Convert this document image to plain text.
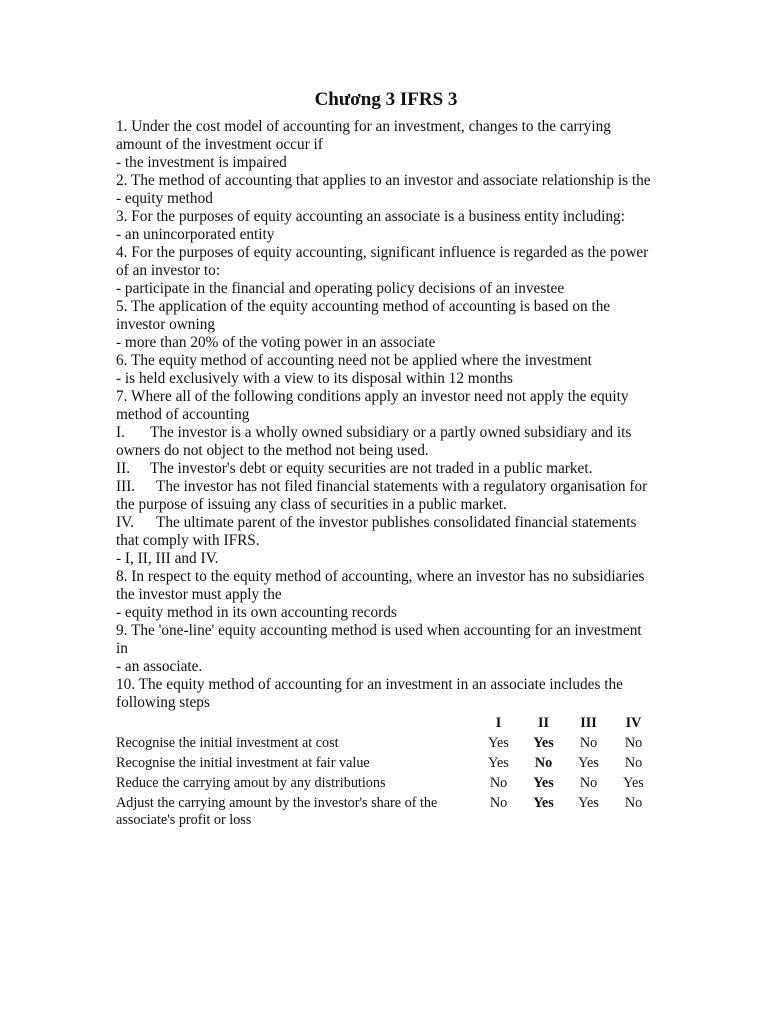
Chương 3 IFRS 3

1. Under the cost model of accounting for an investment, changes to the carrying amount of the investment occur if

- the investment is impaired

2. The method of accounting that applies to an investor and associate relationship is the

- equity method

3. For the purposes of equity accounting an associate is a business entity including:

- an unincorporated entity

4. For the purposes of equity accounting, significant influence is regarded as the power of an investor to:

- participate in the financial and operating policy decisions of an investee

5. The application of the equity accounting method of accounting is based on the investor owning

- more than 20% of the voting power in an associate

6. The equity method of accounting need not be applied where the investment

- is held exclusively with a view to its disposal within 12 months

7. Where all of the following conditions apply an investor need not apply the equity method of accounting

I. The investor is a wholly owned subsidiary or a partly owned subsidiary and its owners do not object to the method not being used.

II. The investor's debt or equity securities are not traded in a public market.

III. The investor has not filed financial statements with a regulatory organisation for the purpose of issuing any class of securities in a public market.

IV. The ultimate parent of the investor publishes consolidated financial statements that comply with IFRS.

- I, II, III and IV.

8. In respect to the equity method of accounting, where an investor has no subsidiaries the investor must apply the

- equity method in its own accounting records

9. The 'one-line' equity accounting method is used when accounting for an investment in

- an associate.

10. The equity method of accounting for an investment in an associate includes the following steps

	I	II	III	IV
Recognise the initial investment at cost	Yes	Yes	No	No
Recognise the initial investment at fair value	Yes	No	Yes	No
Reduce the carrying amout by any distributions	No	Yes	No	Yes
Adjust the carrying amount by the investor's share of the associate's profit or loss	No	Yes	Yes	No
